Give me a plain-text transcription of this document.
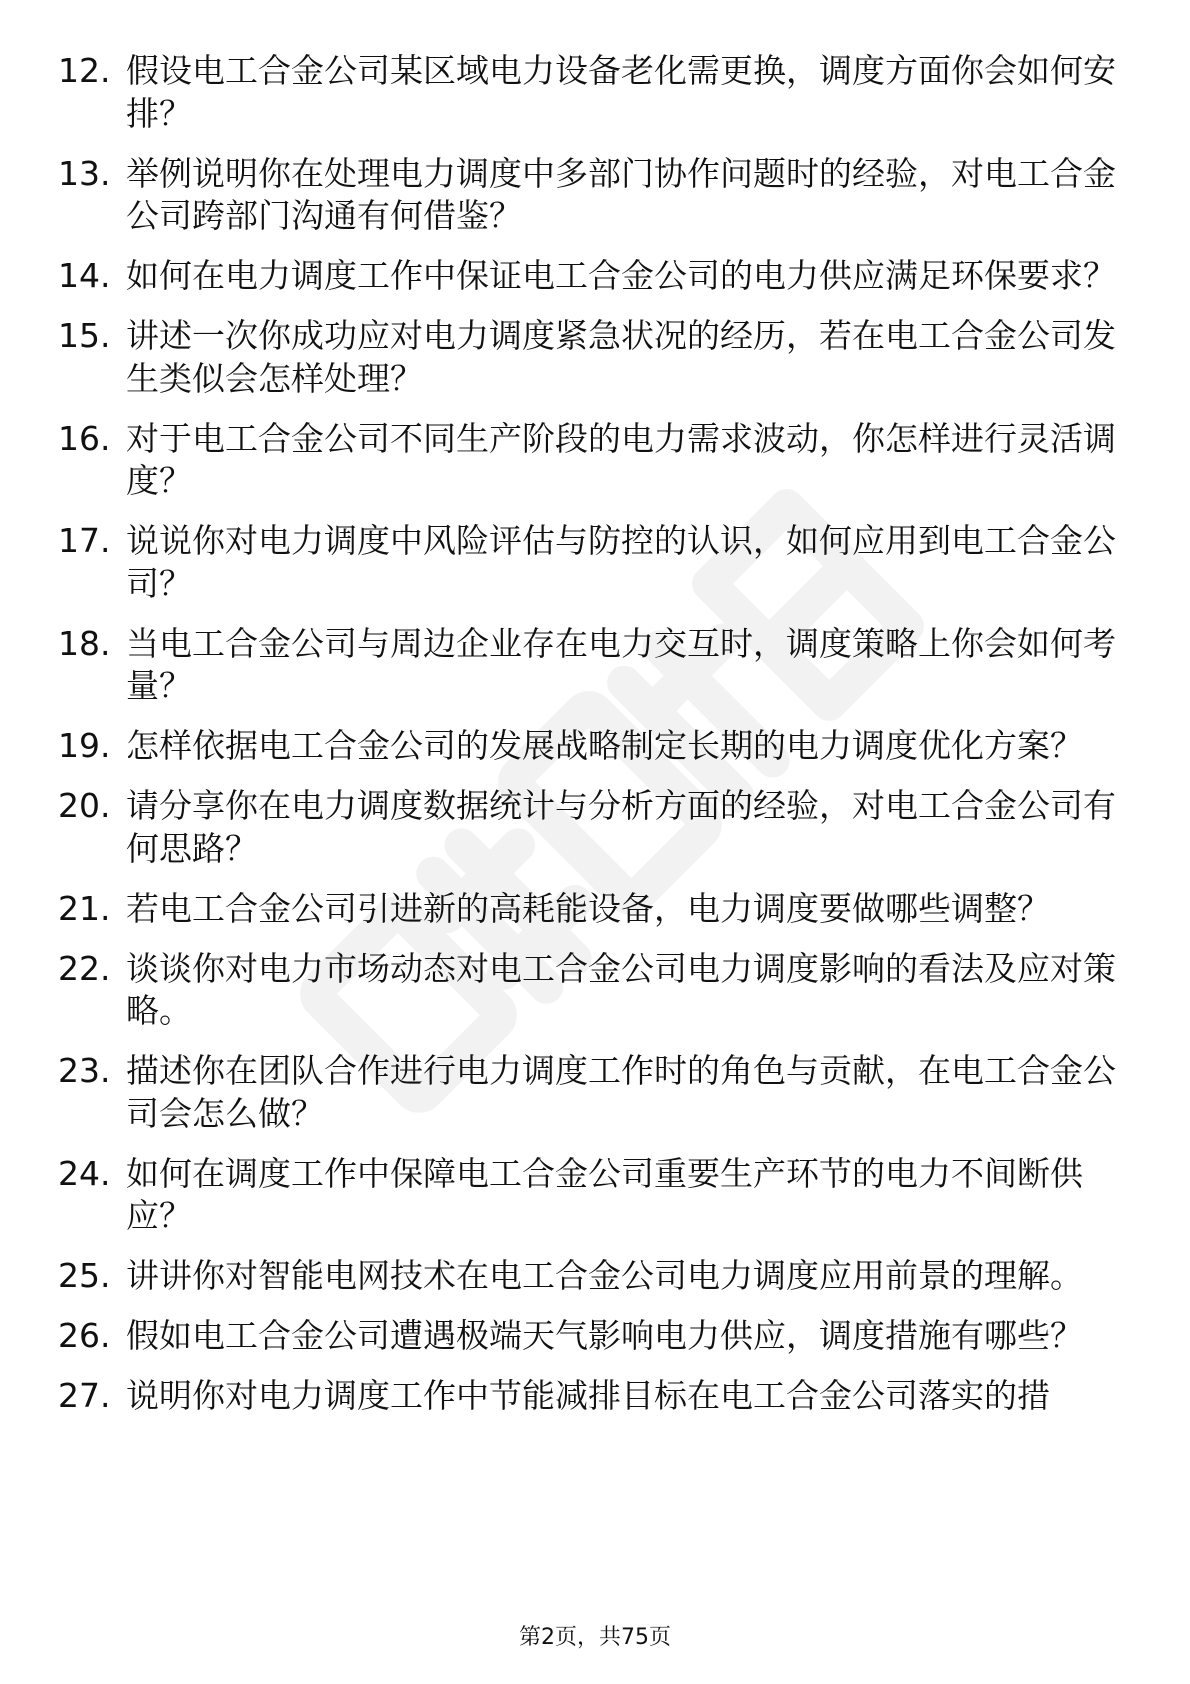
12. 假设电工合金公司某区域电力设备老化需更换，调度方面你会如何安排？
13. 举例说明你在处理电力调度中多部门协作问题时的经验，对电工合金公司跨部门沟通有何借鉴？
14. 如何在电力调度工作中保证电工合金公司的电力供应满足环保要求？
15. 讲述一次你成功应对电力调度紧急状况的经历，若在电工合金公司发生类似会怎样处理？
16. 对于电工合金公司不同生产阶段的电力需求波动，你怎样进行灵活调度？
17. 说说你对电力调度中风险评估与防控的认识，如何应用到电工合金公司？
18. 当电工合金公司与周边企业存在电力交互时，调度策略上你会如何考量？
19. 怎样依据电工合金公司的发展战略制定长期的电力调度优化方案？
20. 请分享你在电力调度数据统计与分析方面的经验，对电工合金公司有何思路？
21. 若电工合金公司引进新的高耗能设备，电力调度要做哪些调整？
22. 谈谈你对电力市场动态对电工合金公司电力调度影响的看法及应对策略。
23. 描述你在团队合作进行电力调度工作时的角色与贡献，在电工合金公司会怎么做？
24. 如何在调度工作中保障电工合金公司重要生产环节的电力不间断供应？
25. 讲讲你对智能电网技术在电工合金公司电力调度应用前景的理解。
26. 假如电工合金公司遭遇极端天气影响电力供应，调度措施有哪些？
27. 说明你对电力调度工作中节能减排目标在电工合金公司落实的措
第2页，共75页
